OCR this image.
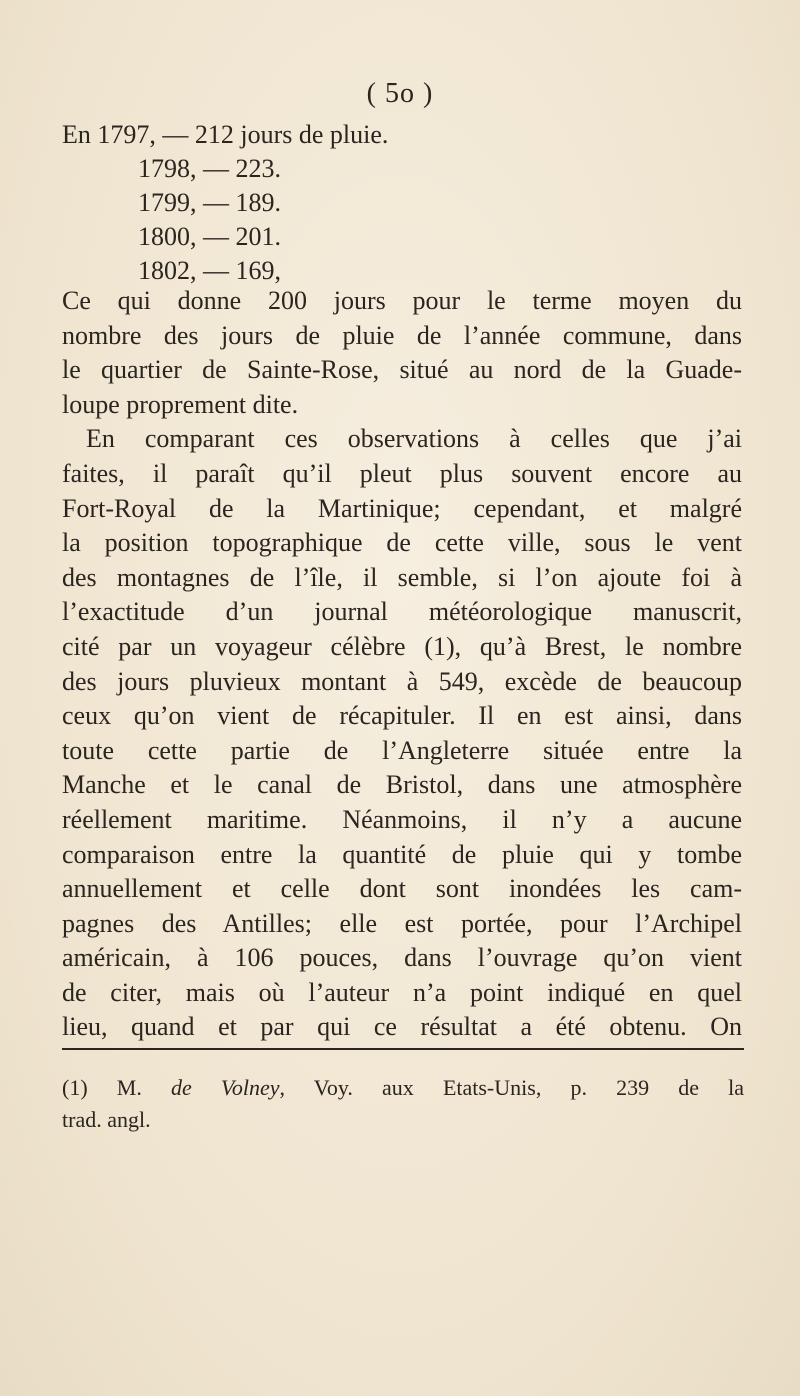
( 5o )
En 1797, — 212 jours de pluie.
1798, — 223.
1799, — 189.
1800, — 201.
1802, — 169,
Ce qui donne 200 jours pour le terme moyen du
nombre des jours de pluie de l’année commune, dans
le quartier de Sainte-Rose, situé au nord de la Guade-
loupe proprement dite.
En comparant ces observations à celles que j’ai
faites, il paraît qu’il pleut plus souvent encore au
Fort-Royal de la Martinique; cependant, et malgré
la position topographique de cette ville, sous le vent
des montagnes de l’île, il semble, si l’on ajoute foi à
l’exactitude d’un journal météorologique manuscrit,
cité par un voyageur célèbre (1), qu’à Brest, le nombre
des jours pluvieux montant à 549, excède de beaucoup
ceux qu’on vient de récapituler. Il en est ainsi, dans
toute cette partie de l’Angleterre située entre la
Manche et le canal de Bristol, dans une atmosphère
réellement maritime. Néanmoins, il n’y a aucune
comparaison entre la quantité de pluie qui y tombe
annuellement et celle dont sont inondées les cam-
pagnes des Antilles; elle est portée, pour l’Archipel
américain, à 106 pouces, dans l’ouvrage qu’on vient
de citer, mais où l’auteur n’a point indiqué en quel
lieu, quand et par qui ce résultat a été obtenu. On
(1) M. de Volney, Voy. aux Etats-Unis, p. 239 de la
trad. angl.
